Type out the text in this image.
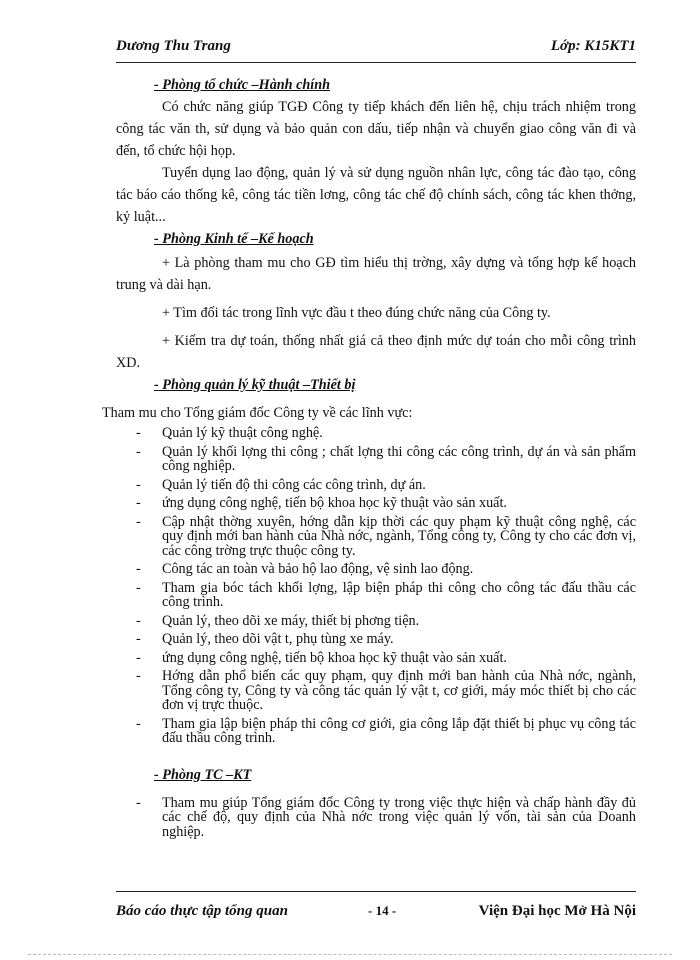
Dương Thu Trang	Lớp: K15KT1

- Phòng tổ chức –Hành chính

Có chức năng giúp TGĐ Công ty tiếp khách đến liên hệ, chịu trách nhiệm trong công tác văn th, sử dụng và bảo quản con dấu, tiếp nhận và chuyển giao công văn đi và đến, tổ chức hội họp.

Tuyển dụng lao động, quản lý và sử dụng nguồn nhân lực, công tác đào tạo, công tác báo cáo thống kê, công tác tiền lơng, công tác chế độ chính sách, công tác khen thởng, kỷ luật...

- Phòng Kinh tế –Kế hoạch

+ Là phòng tham mu cho GĐ tìm hiểu thị trờng, xây dựng và tổng hợp kế hoạch trung và dài hạn.

+ Tìm đối tác trong lĩnh vực đầu t theo đúng chức năng của Công ty.

+ Kiểm tra dự toán, thống nhất giá cả theo định mức dự toán cho mỗi công trình XD.

- Phòng quản lý kỹ thuật –Thiết bị

Tham mu cho Tổng giám đốc Công ty về các lĩnh vực:

- Quản lý kỹ thuật công nghệ.
- Quản lý khối lợng thi công ; chất lợng thi công các công trình, dự án và sản phẩm công nghiệp.
- Quản lý tiến độ thi công các công trình, dự án.
- ứng dụng công nghệ, tiến bộ khoa học kỹ thuật vào sản xuất.
- Cập nhật thờng xuyên, hớng dẫn kịp thời các quy phạm kỹ thuật công nghệ, các quy định mới ban hành của Nhà nớc, ngành, Tổng công ty, Công ty cho các đơn vị, các công trờng trực thuộc công ty.
- Công tác an toàn và bảo hộ lao động, vệ sinh lao động.
- Tham gia bóc tách khối lợng, lập biện pháp thi công cho công tác đấu thầu các công trình.
- Quản lý, theo dõi xe máy, thiết bị phơng tiện.
- Quản lý, theo dõi vật t, phụ tùng xe máy.
- ứng dụng công nghệ, tiến bộ khoa học kỹ thuật vào sản xuất.
- Hớng dẫn phổ biến các quy phạm, quy định mới ban hành của Nhà nớc, ngành, Tổng công ty, Công ty và công tác quản lý vật t, cơ giới, máy móc thiết bị cho các đơn vị trực thuộc.
- Tham gia lập biện pháp thi công cơ giới, gia công lắp đặt thiết bị phục vụ công tác đấu thầu công trình.

- Phòng TC –KT

- Tham mu giúp Tổng giám đốc Công ty trong việc thực hiện và chấp hành đầy đủ các chế độ, quy định của Nhà nớc trong việc quản lý vốn, tài sản của Doanh nghiệp.
Báo cáo thực tập tổng quan	- 14 -	Viện Đại học Mở Hà Nội
